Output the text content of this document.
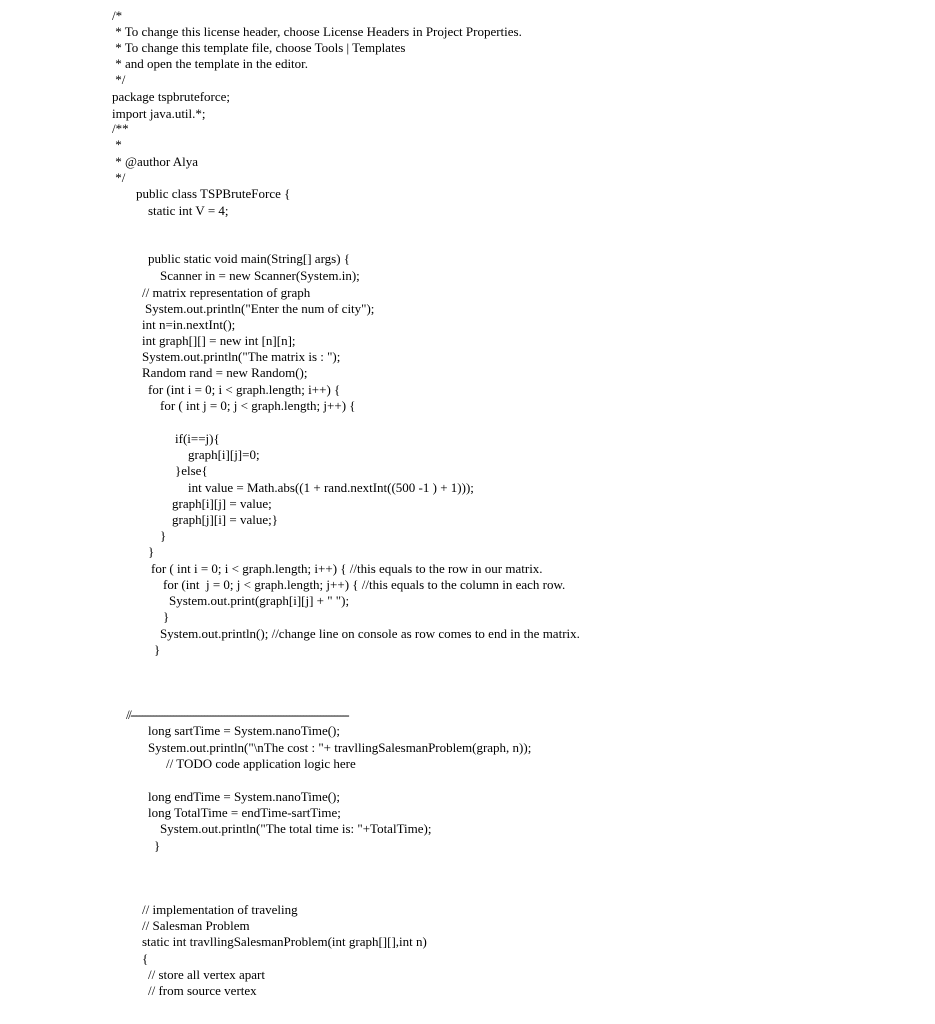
/*
* To change this license header, choose License Headers in Project Properties.
* To change this template file, choose Tools | Templates
* and open the template in the editor.
*/
package tspbruteforce;
import java.util.*;
/**
*
* @author Alya
*/
public class TSPBruteForce {
static int V = 4;
public static void main(String[] args) {
Scanner in = new Scanner(System.in);
// matrix representation of graph
System.out.println("Enter the num of city");
int n=in.nextInt();
int graph[][] = new int [n][n];
System.out.println("The matrix is : ");
Random rand = new Random();
for (int i = 0; i < graph.length; i++) {
for ( int j = 0; j < graph.length; j++) {
if(i==j){
graph[i][j]=0;
}else{
int value = Math.abs((1 + rand.nextInt((500 -1 ) + 1)));
graph[i][j] = value;
graph[j][i] = value;}
}
}
for ( int i = 0; i < graph.length; i++) { //this equals to the row in our matrix.
for (int  j = 0; j < graph.length; j++) { //this equals to the column in each row.
System.out.print(graph[i][j] + " ");
}
System.out.println(); //change line on console as row comes to end in the matrix.
}
//-----------------------------------------------------------------------------
long sartTime = System.nanoTime();
System.out.println("\nThe cost : "+ travllingSalesmanProblem(graph, n));
// TODO code application logic here
long endTime = System.nanoTime();
long TotalTime = endTime-sartTime;
System.out.println("The total time is: "+TotalTime);
}
// implementation of traveling
// Salesman Problem
static int travllingSalesmanProblem(int graph[][],int n)
{
// store all vertex apart
// from source vertex
